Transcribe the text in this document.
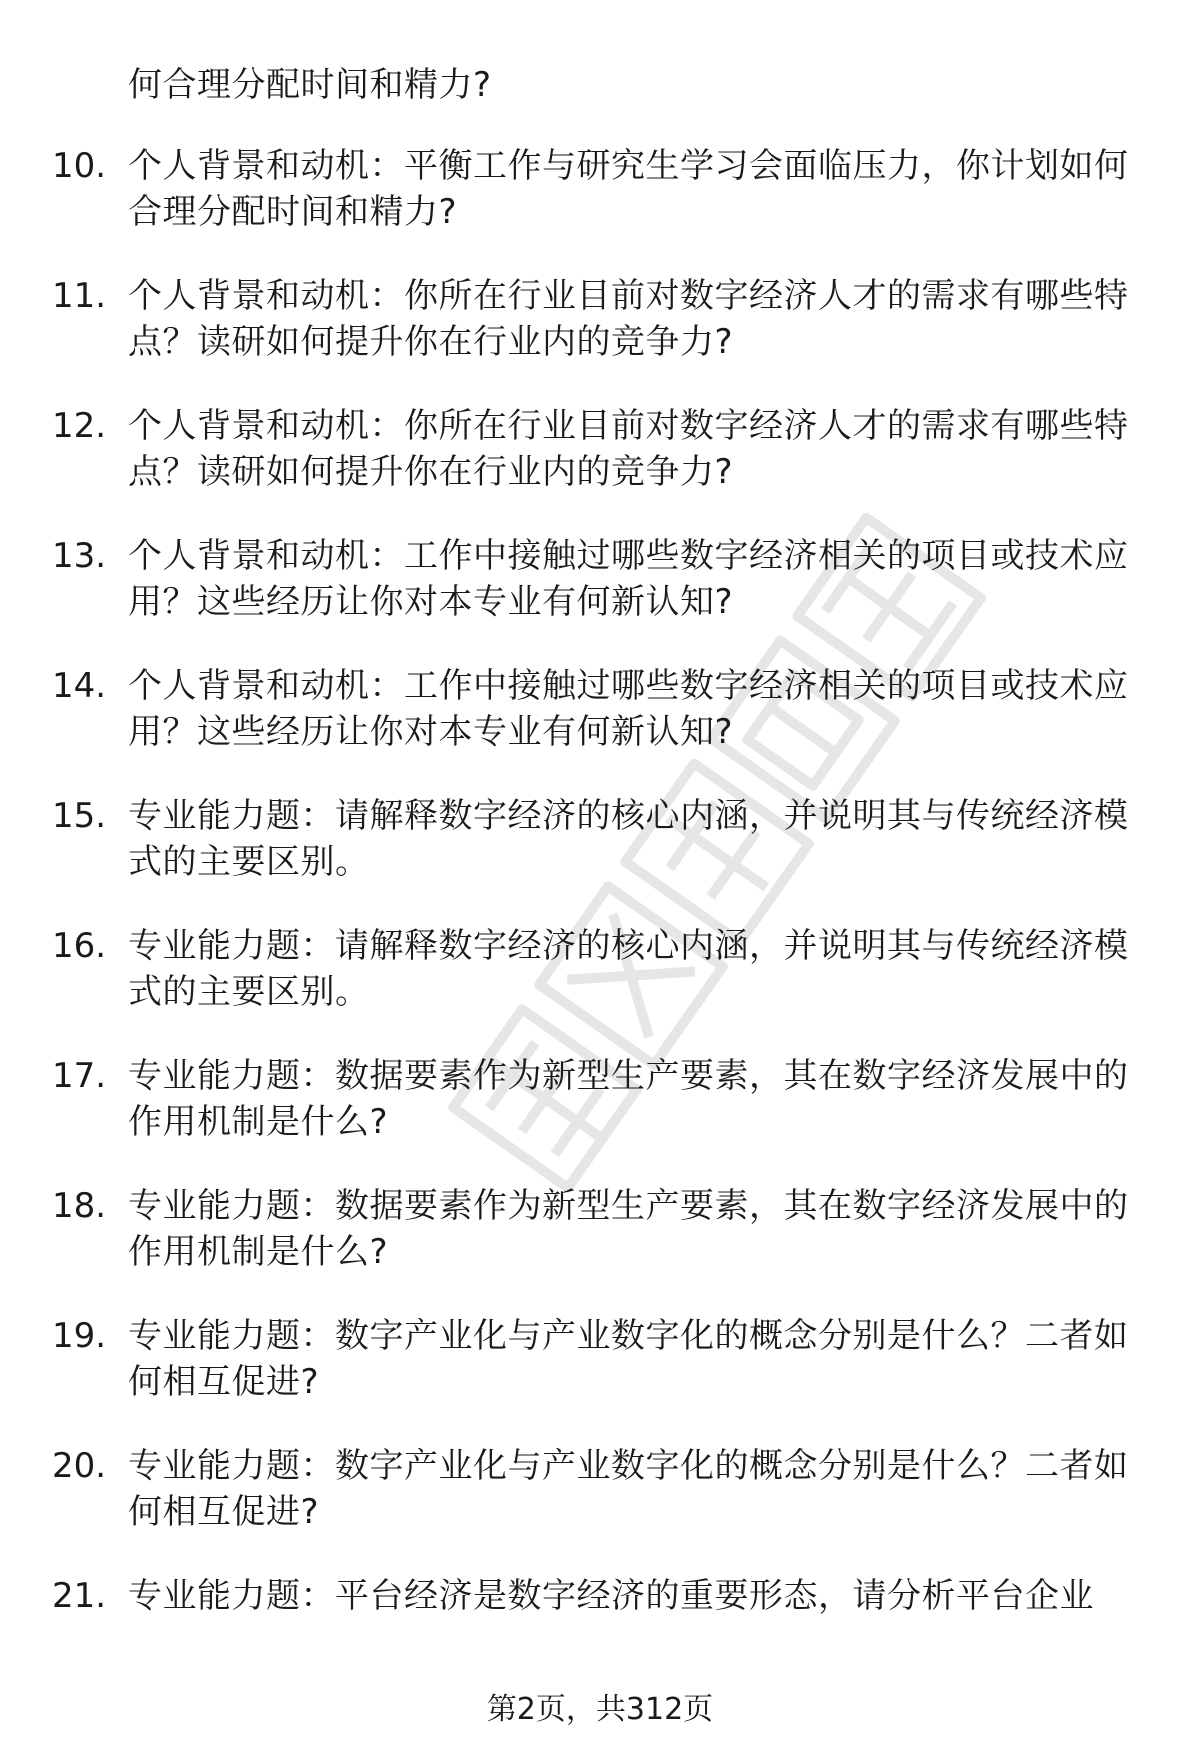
何合理分配时间和精力?
10. 个人背景和动机：平衡工作与研究生学习会面临压力，你计划如何合理分配时间和精力?
11. 个人背景和动机：你所在行业目前对数字经济人才的需求有哪些特点？读研如何提升你在行业内的竞争力?
12. 个人背景和动机：你所在行业目前对数字经济人才的需求有哪些特点？读研如何提升你在行业内的竞争力?
13. 个人背景和动机：工作中接触过哪些数字经济相关的项目或技术应用？这些经历让你对本专业有何新认知?
14. 个人背景和动机：工作中接触过哪些数字经济相关的项目或技术应用？这些经历让你对本专业有何新认知?
15. 专业能力题：请解释数字经济的核心内涵，并说明其与传统经济模式的主要区别。
16. 专业能力题：请解释数字经济的核心内涵，并说明其与传统经济模式的主要区别。
17. 专业能力题：数据要素作为新型生产要素，其在数字经济发展中的作用机制是什么?
18. 专业能力题：数据要素作为新型生产要素，其在数字经济发展中的作用机制是什么?
19. 专业能力题：数字产业化与产业数字化的概念分别是什么？二者如何相互促进?
20. 专业能力题：数字产业化与产业数字化的概念分别是什么？二者如何相互促进?
21. 专业能力题：平台经济是数字经济的重要形态，请分析平台企业
第2页，共312页
